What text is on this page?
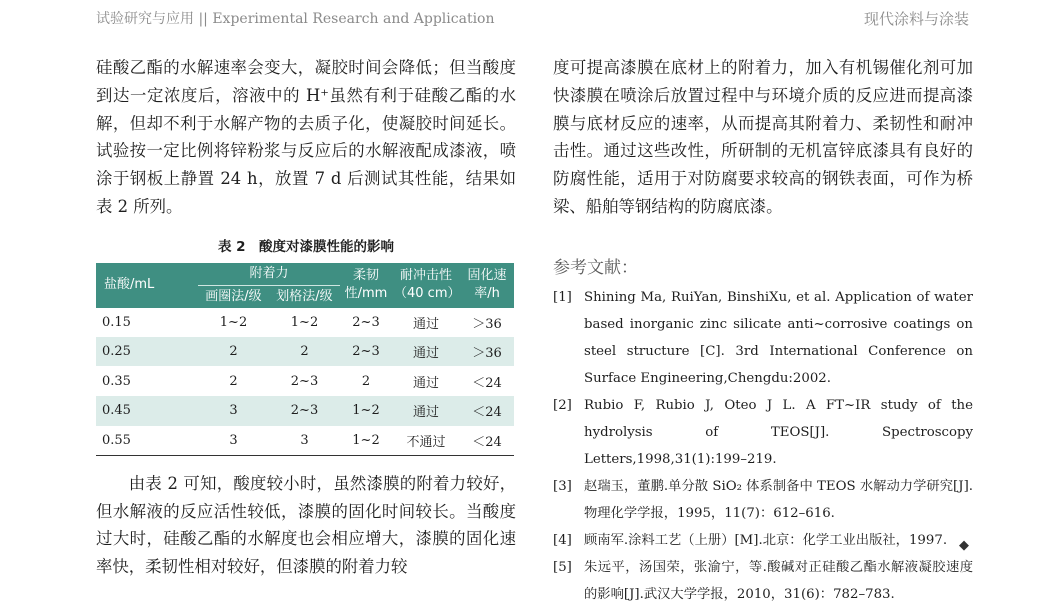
试验研究与应用 || Experimental Research and Application	现代涂料与涂装

硅酸乙酯的水解速率会变大，凝胶时间会降低；但当酸度到达一定浓度后，溶液中的 H⁺虽然有利于硅酸乙酯的水解，但却不利于水解产物的去质子化，使凝胶时间延长。试验按一定比例将锌粉浆与反应后的水解液配成漆液，喷涂于钢板上静置 24 h，放置 7 d 后测试其性能，结果如表 2 所列。

表 2　酸度对漆膜性能的影响
盐酸/mL	附着力		柔韧性/mm	耐冲击性（40 cm）	固化速率/h
	画圈法/级	划格法/级			
0.15	1~2	1~2	2~3	通过	＞36
0.25	2	2	2~3	通过	＞36
0.35	2	2~3	2	通过	＜24
0.45	3	2~3	1~2	通过	＜24
0.55	3	3	1~2	不通过	＜24

由表 2 可知，酸度较小时，虽然漆膜的附着力较好，但水解液的反应活性较低，漆膜的固化时间较长。当酸度过大时，硅酸乙酯的水解度也会相应增大，漆膜的固化速率快，柔韧性相对较好，但漆膜的附着力较

度可提高漆膜在底材上的附着力，加入有机锡催化剂可加快漆膜在喷涂后放置过程中与环境介质的反应进而提高漆膜与底材反应的速率，从而提高其附着力、柔韧性和耐冲击性。通过这些改性，所研制的无机富锌底漆具有良好的防腐性能，适用于对防腐要求较高的钢铁表面，可作为桥梁、船舶等钢结构的防腐底漆。

参考文献：
[1] Shining Ma, RuiYan, BinshiXu, et al. Application of water based inorganic zinc silicate anti~corrosive coatings on steel structure [C]. 3rd International Conference on Surface Engineering,Chengdu:2002.
[2] Rubio F, Rubio J, Oteo J L. A FT~IR study of the hydrolysis of TEOS[J]. Spectroscopy Letters,1998,31(1):199–219.
[3] 赵瑞玉，董鹏.单分散 SiO₂ 体系制备中 TEOS 水解动力学研究[J].物理化学学报，1995，11(7)：612–616.
[4] 顾南军.涂料工艺（上册）[M].北京：化学工业出版社，1997.
[5] 朱远平，汤国荣，张渝宁，等.酸碱对正硅酸乙酯水解液凝胶速度的影响[J].武汉大学学报，2010，31(6)：782–783.
◆
